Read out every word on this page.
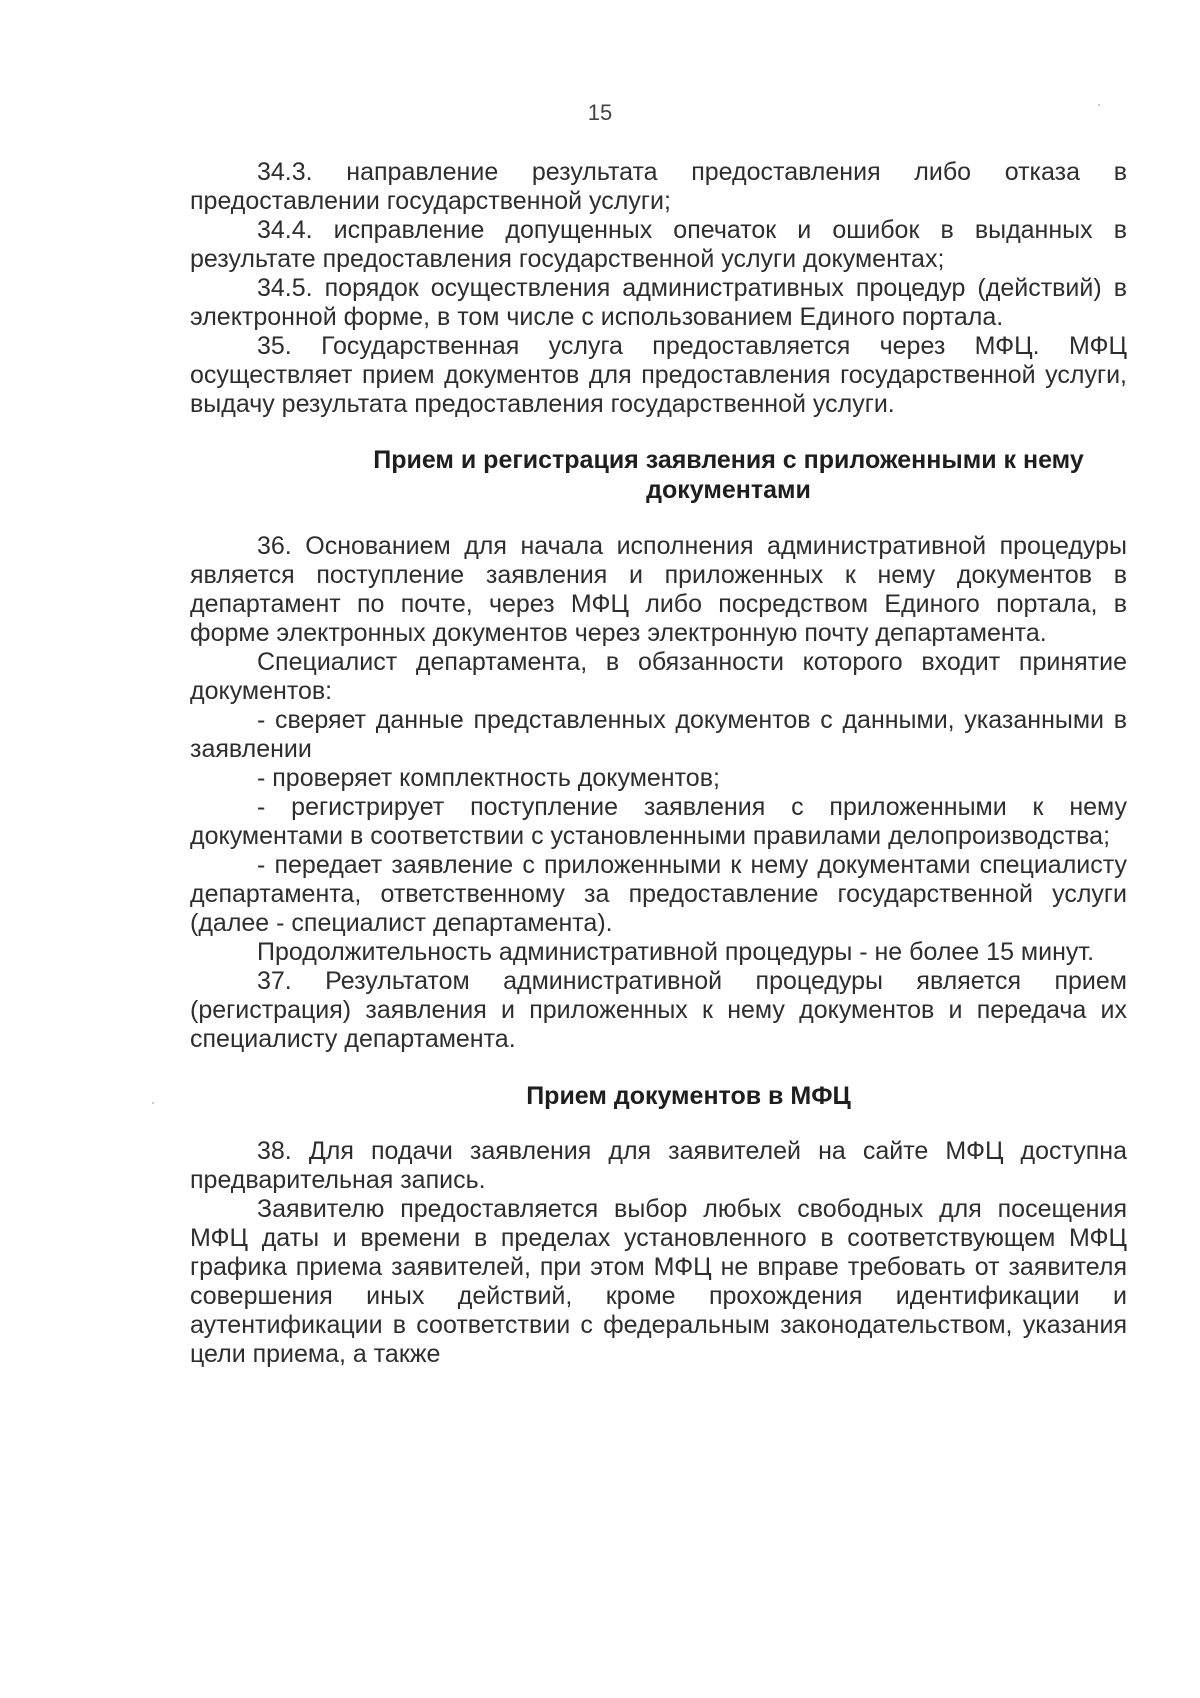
15

34.3. направление результата предоставления либо отказа в предоставлении государственной услуги;

34.4. исправление допущенных опечаток и ошибок в выданных в результате предоставления государственной услуги документах;

34.5. порядок осуществления административных процедур (действий) в электронной форме, в том числе с использованием Единого портала.

35. Государственная услуга предоставляется через МФЦ. МФЦ осуществляет прием документов для предоставления государственной услуги, выдачу результата предоставления государственной услуги.

Прием и регистрация заявления с приложенными к нему документами

36. Основанием для начала исполнения административной процедуры является поступление заявления и приложенных к нему документов в департамент по почте, через МФЦ либо посредством Единого портала, в форме электронных документов через электронную почту департамента.

Специалист департамента, в обязанности которого входит принятие документов:

- сверяет данные представленных документов с данными, указанными в заявлении

- проверяет комплектность документов;

- регистрирует поступление заявления с приложенными к нему документами в соответствии с установленными правилами делопроизводства;

- передает заявление с приложенными к нему документами специалисту департамента, ответственному за предоставление государственной услуги (далее - специалист департамента).

Продолжительность административной процедуры - не более 15 минут.

37. Результатом административной процедуры является прием (регистрация) заявления и приложенных к нему документов и передача их специалисту департамента.

Прием документов в МФЦ

38. Для подачи заявления для заявителей на сайте МФЦ доступна предварительная запись.

Заявителю предоставляется выбор любых свободных для посещения МФЦ даты и времени в пределах установленного в соответствующем МФЦ графика приема заявителей, при этом МФЦ не вправе требовать от заявителя совершения иных действий, кроме прохождения идентификации и аутентификации в соответствии с федеральным законодательством, указания цели приема, а также
